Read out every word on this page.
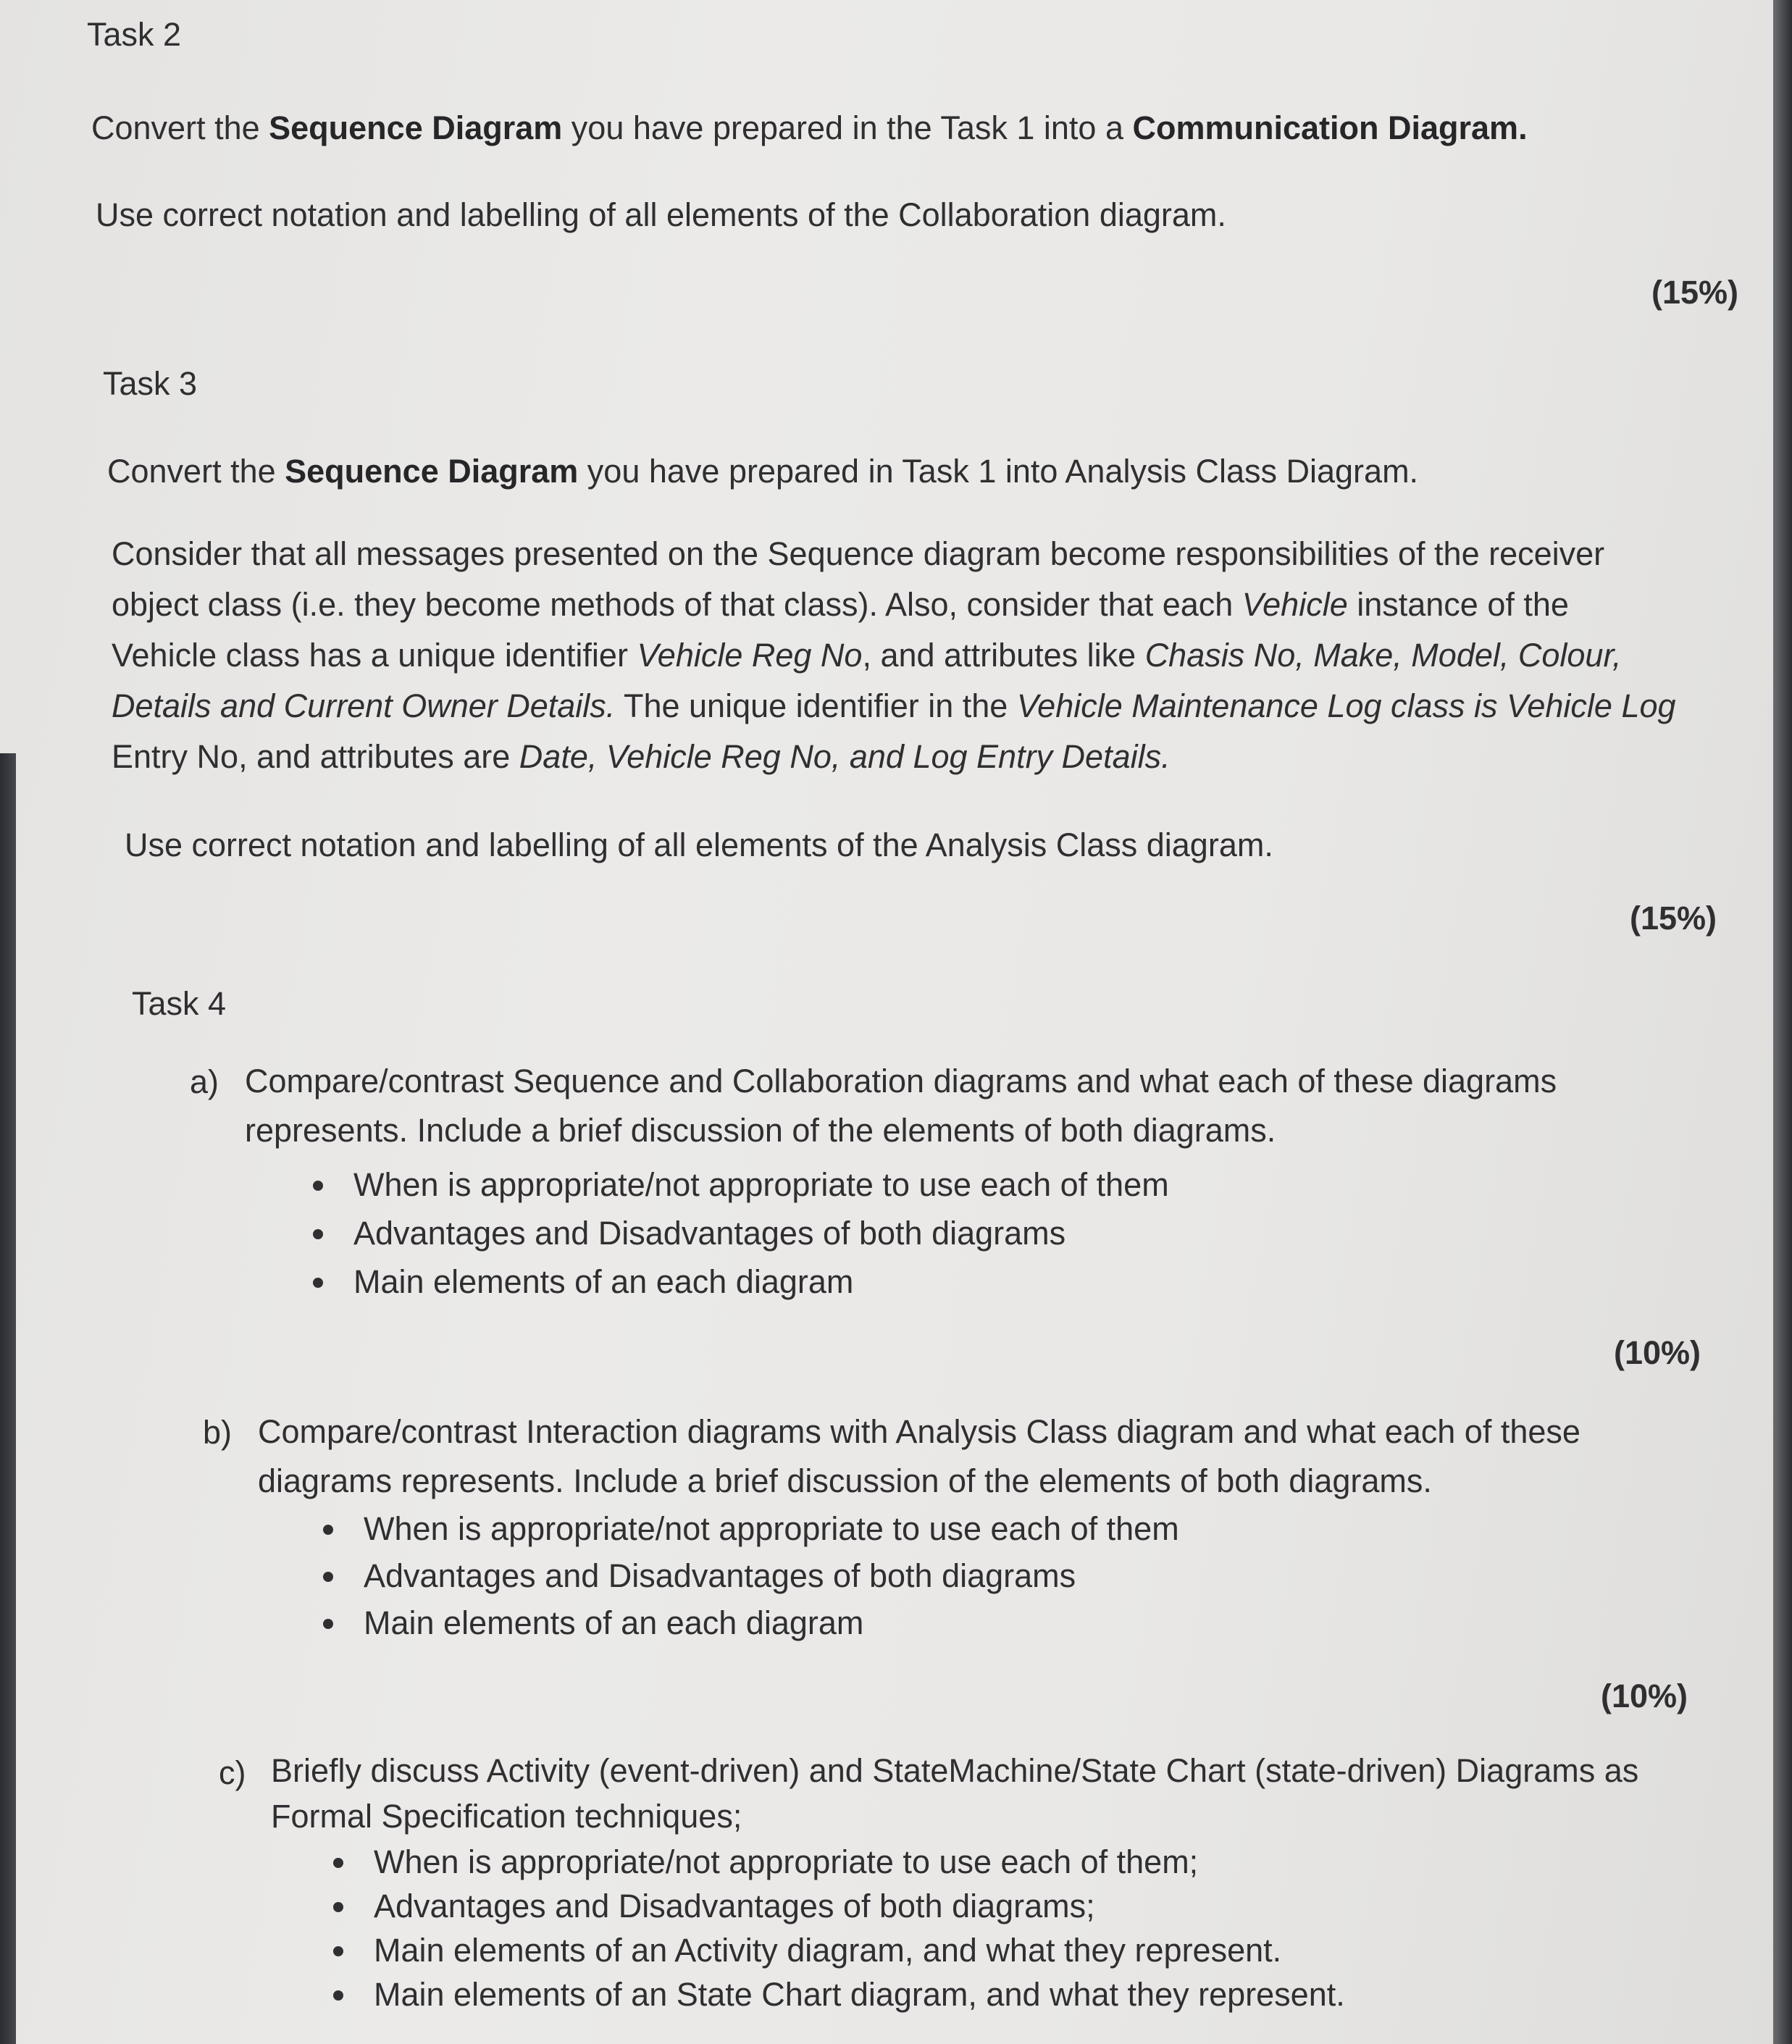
Task 2
Convert the Sequence Diagram you have prepared in the Task 1 into a Communication Diagram.
Use correct notation and labelling of all elements of the Collaboration diagram.
(15%)
Task 3
Convert the Sequence Diagram you have prepared in Task 1 into Analysis Class Diagram.
Consider that all messages presented on the Sequence diagram become responsibilities of the receiver
object class (i.e. they become methods of that class). Also, consider that each Vehicle instance of the
Vehicle class has a unique identifier Vehicle Reg No, and attributes like Chasis No, Make, Model, Colour,
Details and Current Owner Details. The unique identifier in the Vehicle Maintenance Log class is Vehicle Log
Entry No, and attributes are Date, Vehicle Reg No, and Log Entry Details.
Use correct notation and labelling of all elements of the Analysis Class diagram.
(15%)
Task 4
a) Compare/contrast Sequence and Collaboration diagrams and what each of these diagrams
represents. Include a brief discussion of the elements of both diagrams.
When is appropriate/not appropriate to use each of them
Advantages and Disadvantages of both diagrams
Main elements of an each diagram
(10%)
b) Compare/contrast Interaction diagrams with Analysis Class diagram and what each of these
diagrams represents. Include a brief discussion of the elements of both diagrams.
When is appropriate/not appropriate to use each of them
Advantages and Disadvantages of both diagrams
Main elements of an each diagram
(10%)
c) Briefly discuss Activity (event-driven) and StateMachine/State Chart (state-driven) Diagrams as
Formal Specification techniques;
When is appropriate/not appropriate to use each of them;
Advantages and Disadvantages of both diagrams;
Main elements of an Activity diagram, and what they represent.
Main elements of an State Chart diagram, and what they represent.
